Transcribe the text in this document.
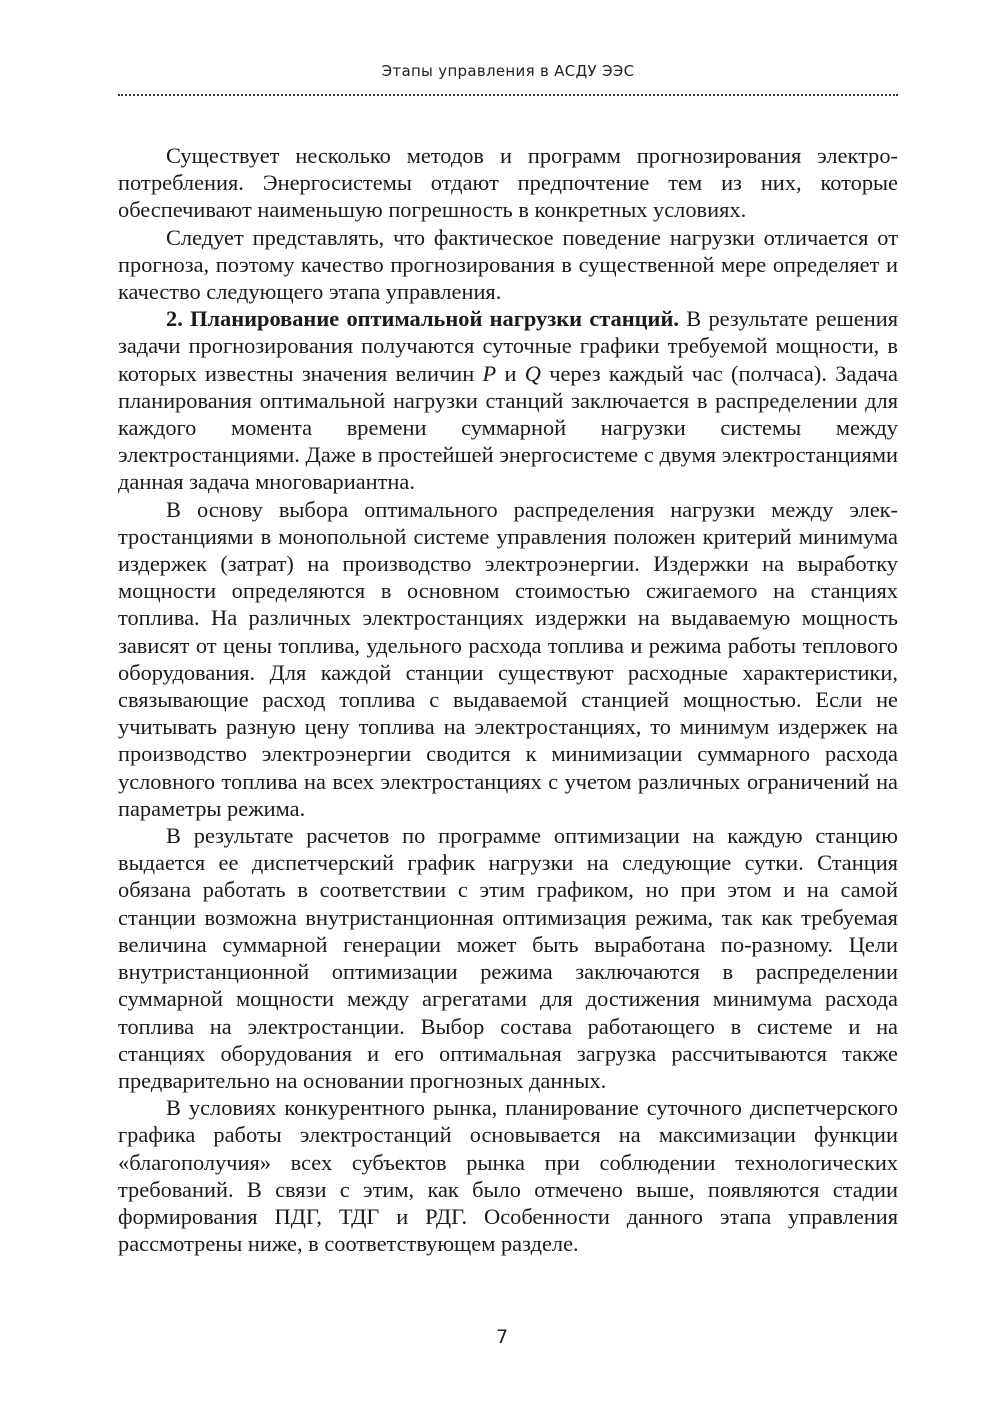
Этапы управления в АСДУ ЭЭС

Существует несколько методов и программ прогнозирования электропотребления. Энергосистемы отдают предпочтение тем из них, которые обеспечивают наименьшую погрешность в конкретных условиях.

Следует представлять, что фактическое поведение нагрузки отличается от прогноза, поэтому качество прогнозирования в существенной мере определяет и качество следующего этапа управления.

2. Планирование оптимальной нагрузки станций. В результате решения задачи прогнозирования получаются суточные графики требуемой мощности, в которых известны значения величин P и Q через каждый час (полчаса). Задача планирования оптимальной нагрузки станций заключается в распределении для каждого момента времени суммарной нагрузки системы между электростанциями. Даже в простейшей энергосистеме с двумя электростанциями данная задача многовариантна.

В основу выбора оптимального распределения нагрузки между электростанциями в монопольной системе управления положен критерий минимума издержек (затрат) на производство электроэнергии. Издержки на выработку мощности определяются в основном стоимостью сжигаемого на станциях топлива. На различных электростанциях издержки на выдаваемую мощность зависят от цены топлива, удельного расхода топлива и режима работы теплового оборудования. Для каждой станции существуют расходные характеристики, связывающие расход топлива с выдаваемой станцией мощностью. Если не учитывать разную цену топлива на электростанциях, то минимум издержек на производство электроэнергии сводится к минимизации суммарного расхода условного топлива на всех электростанциях с учетом различных ограничений на параметры режима.

В результате расчетов по программе оптимизации на каждую станцию выдается ее диспетчерский график нагрузки на следующие сутки. Станция обязана работать в соответствии с этим графиком, но при этом и на самой станции возможна внутристанционная оптимизация режима, так как требуемая величина суммарной генерации может быть выработана по-разному. Цели внутристанционной оптимизации режима заключаются в распределении суммарной мощности между агрегатами для достижения минимума расхода топлива на электростанции. Выбор состава работающего в системе и на станциях оборудования и его оптимальная загрузка рассчитываются также предварительно на основании прогнозных данных.

В условиях конкурентного рынка, планирование суточного диспетчерского графика работы электростанций основывается на максимизации функции «благополучия» всех субъектов рынка при соблюдении технологических требований. В связи с этим, как было отмечено выше, появляются стадии формирования ПДГ, ТДГ и РДГ. Особенности данного этапа управления рассмотрены ниже, в соответствующем разделе.

7
